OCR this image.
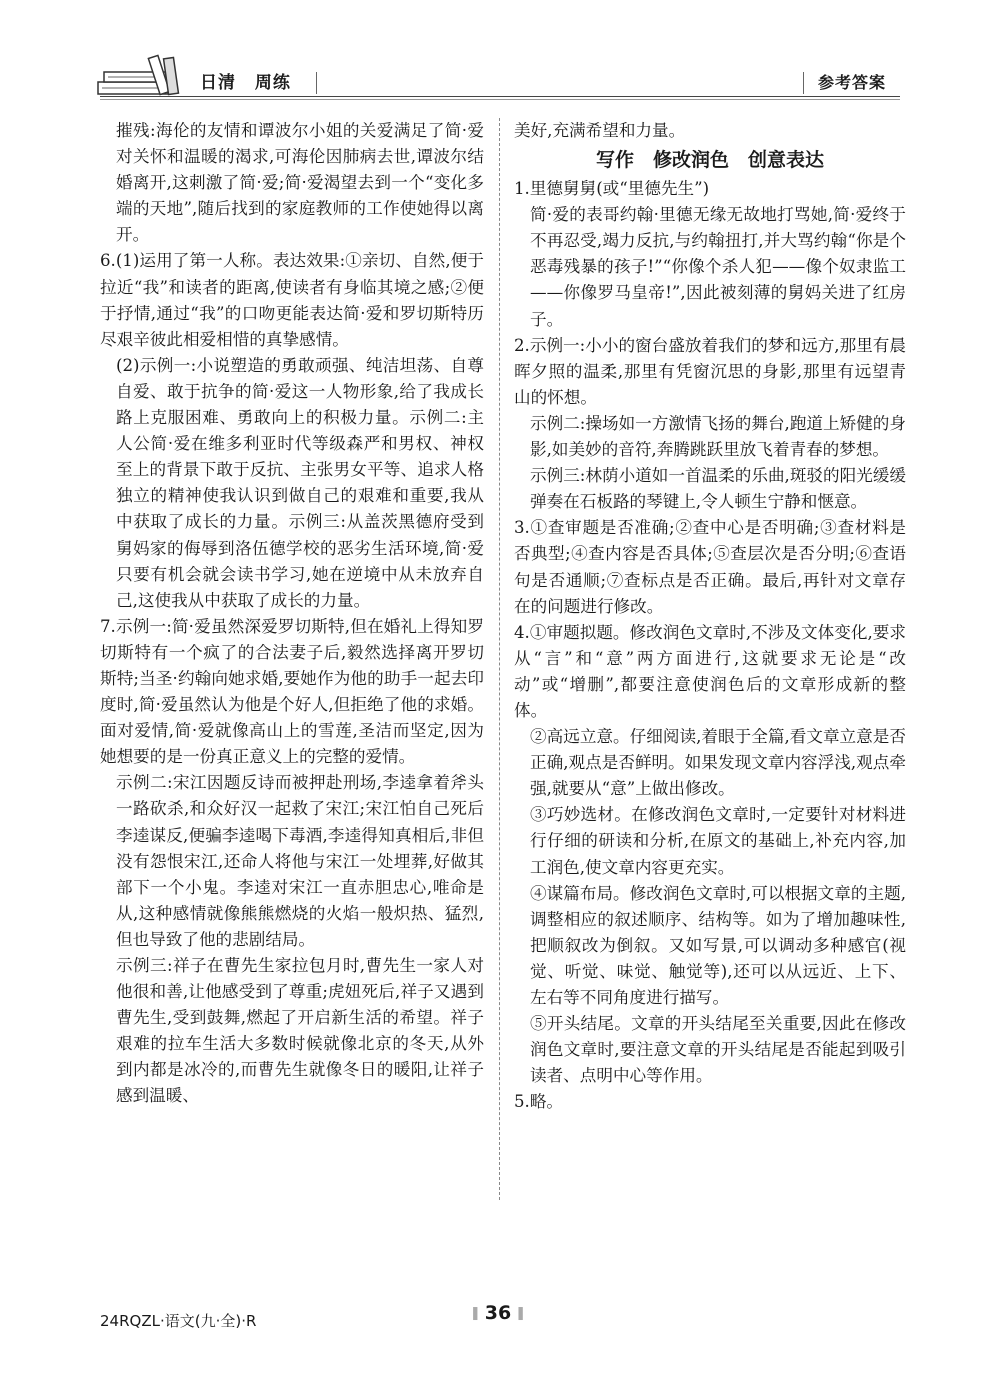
日清 周练	参考答案

摧残:海伦的友情和谭波尔小姐的关爱满足了简·爱对关怀和温暖的渴求,可海伦因肺病去世,谭波尔结婚离开,这刺激了简·爱;简·爱渴望去到一个“变化多端的天地”,随后找到的家庭教师的工作使她得以离开。

6.(1)运用了第一人称。表达效果:①亲切、自然,便于拉近“我”和读者的距离,使读者有身临其境之感;②便于抒情,通过“我”的口吻更能表达简·爱和罗切斯特历尽艰辛彼此相爱相惜的真挚感情。

(2)示例一:小说塑造的勇敢顽强、纯洁坦荡、自尊自爱、敢于抗争的简·爱这一人物形象,给了我成长路上克服困难、勇敢向上的积极力量。示例二:主人公简·爱在维多利亚时代等级森严和男权、神权至上的背景下敢于反抗、主张男女平等、追求人格独立的精神使我认识到做自己的艰难和重要,我从中获取了成长的力量。示例三:从盖茨黑德府受到舅妈家的侮辱到洛伍德学校的恶劣生活环境,简·爱只要有机会就会读书学习,她在逆境中从未放弃自己,这使我从中获取了成长的力量。

7.示例一:简·爱虽然深爱罗切斯特,但在婚礼上得知罗切斯特有一个疯了的合法妻子后,毅然选择离开罗切斯特;当圣·约翰向她求婚,要她作为他的助手一起去印度时,简·爱虽然认为他是个好人,但拒绝了他的求婚。面对爱情,简·爱就像高山上的雪莲,圣洁而坚定,因为她想要的是一份真正意义上的完整的爱情。

示例二:宋江因题反诗而被押赴刑场,李逵拿着斧头一路砍杀,和众好汉一起救了宋江;宋江怕自己死后李逵谋反,便骗李逵喝下毒酒,李逵得知真相后,非但没有怨恨宋江,还命人将他与宋江一处埋葬,好做其部下一个小鬼。李逵对宋江一直赤胆忠心,唯命是从,这种感情就像熊熊燃烧的火焰一般炽热、猛烈,但也导致了他的悲剧结局。

示例三:祥子在曹先生家拉包月时,曹先生一家人对他很和善,让他感受到了尊重;虎妞死后,祥子又遇到曹先生,受到鼓舞,燃起了开启新生活的希望。祥子艰难的拉车生活大多数时候就像北京的冬天,从外到内都是冰冷的,而曹先生就像冬日的暖阳,让祥子感到温暖、

美好,充满希望和力量。

写作　修改润色　创意表达

1.里德舅舅(或“里德先生”)

简·爱的表哥约翰·里德无缘无故地打骂她,简·爱终于不再忍受,竭力反抗,与约翰扭打,并大骂约翰“你是个恶毒残暴的孩子!”“你像个杀人犯——像个奴隶监工——你像罗马皇帝!”,因此被刻薄的舅妈关进了红房子。

2.示例一:小小的窗台盛放着我们的梦和远方,那里有晨晖夕照的温柔,那里有凭窗沉思的身影,那里有远望青山的怀想。

示例二:操场如一方激情飞扬的舞台,跑道上矫健的身影,如美妙的音符,奔腾跳跃里放飞着青春的梦想。

示例三:林荫小道如一首温柔的乐曲,斑驳的阳光缓缓弹奏在石板路的琴键上,令人顿生宁静和惬意。

3.①查审题是否准确;②查中心是否明确;③查材料是否典型;④查内容是否具体;⑤查层次是否分明;⑥查语句是否通顺;⑦查标点是否正确。最后,再针对文章存在的问题进行修改。

4.①审题拟题。修改润色文章时,不涉及文体变化,要求从“言”和“意”两方面进行,这就要求无论是“改动”或“增删”,都要注意使润色后的文章形成新的整体。

②高远立意。仔细阅读,着眼于全篇,看文章立意是否正确,观点是否鲜明。如果发现文章内容浮浅,观点牵强,就要从“意”上做出修改。

③巧妙选材。在修改润色文章时,一定要针对材料进行仔细的研读和分析,在原文的基础上,补充内容,加工润色,使文章内容更充实。

④谋篇布局。修改润色文章时,可以根据文章的主题,调整相应的叙述顺序、结构等。如为了增加趣味性,把顺叙改为倒叙。又如写景,可以调动多种感官(视觉、听觉、味觉、触觉等),还可以从远近、上下、左右等不同角度进行描写。

⑤开头结尾。文章的开头结尾至关重要,因此在修改润色文章时,要注意文章的开头结尾是否能起到吸引读者、点明中心等作用。

5.略。

24RQZL·语文(九·全)·R
❚	36 ❚
